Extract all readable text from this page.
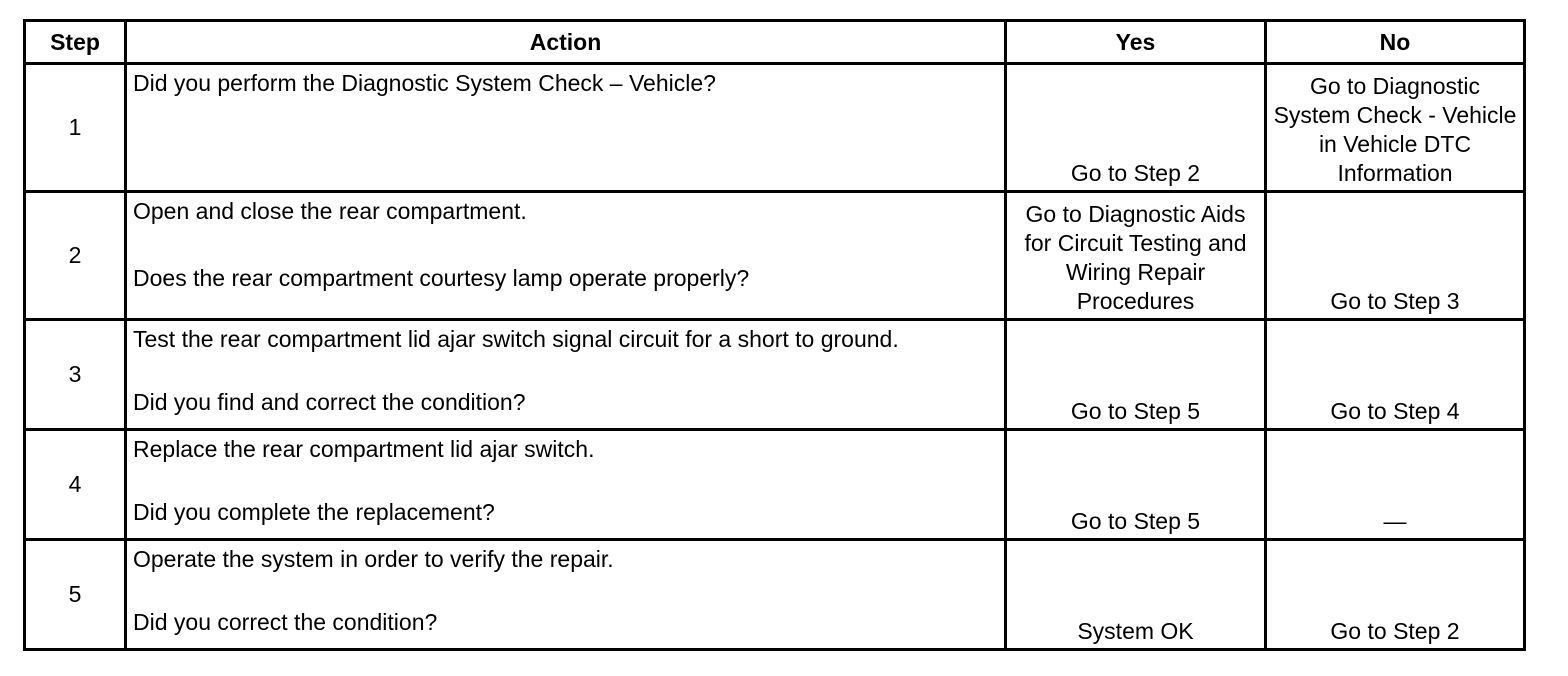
Step	Action	Yes	No
1	Did you perform the Diagnostic System Check – Vehicle?	Go to Step 2	Go to Diagnostic System Check - Vehicle in Vehicle DTC Information
2	Open and close the rear compartment.
Does the rear compartment courtesy lamp operate properly?	Go to Diagnostic Aids for Circuit Testing and Wiring Repair Procedures	Go to Step 3
3	Test the rear compartment lid ajar switch signal circuit for a short to ground.
Did you find and correct the condition?	Go to Step 5	Go to Step 4
4	Replace the rear compartment lid ajar switch.
Did you complete the replacement?	Go to Step 5	—
5	Operate the system in order to verify the repair.
Did you correct the condition?	System OK	Go to Step 2
